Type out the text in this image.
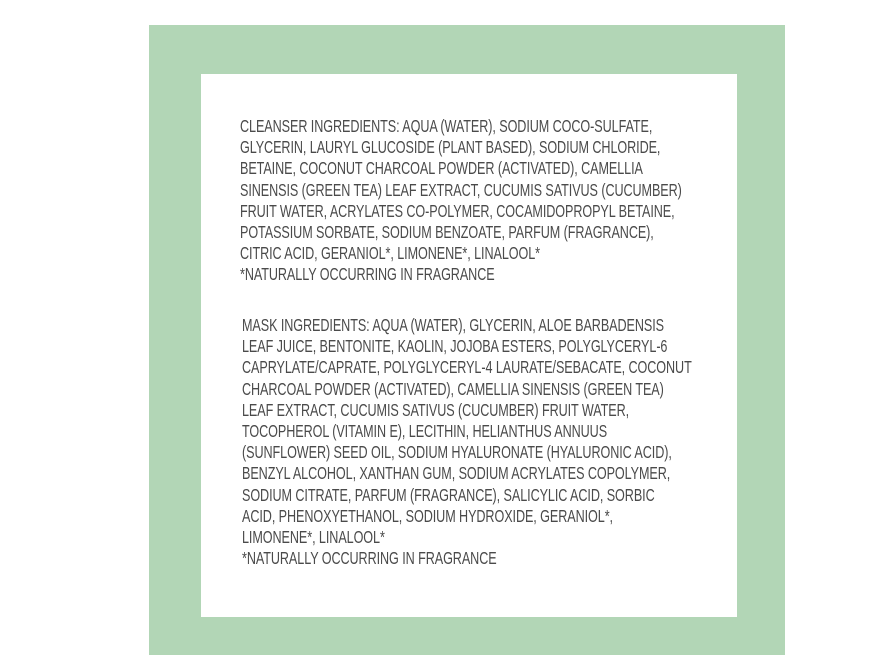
CLEANSER INGREDIENTS: AQUA (WATER), SODIUM COCO-SULFATE,
GLYCERIN, LAURYL GLUCOSIDE (PLANT BASED), SODIUM CHLORIDE,
BETAINE, COCONUT CHARCOAL POWDER (ACTIVATED), CAMELLIA
SINENSIS (GREEN TEA) LEAF EXTRACT, CUCUMIS SATIVUS (CUCUMBER)
FRUIT WATER, ACRYLATES CO-POLYMER, COCAMIDOPROPYL BETAINE,
POTASSIUM SORBATE, SODIUM BENZOATE, PARFUM (FRAGRANCE),
CITRIC ACID, GERANIOL*, LIMONENE*, LINALOOL*
*NATURALLY OCCURRING IN FRAGRANCE
MASK INGREDIENTS: AQUA (WATER), GLYCERIN, ALOE BARBADENSIS
LEAF JUICE, BENTONITE, KAOLIN, JOJOBA ESTERS, POLYGLYCERYL-6
CAPRYLATE/CAPRATE, POLYGLYCERYL-4 LAURATE/SEBACATE, COCONUT
CHARCOAL POWDER (ACTIVATED), CAMELLIA SINENSIS (GREEN TEA)
LEAF EXTRACT, CUCUMIS SATIVUS (CUCUMBER) FRUIT WATER,
TOCOPHEROL (VITAMIN E), LECITHIN, HELIANTHUS ANNUUS
(SUNFLOWER) SEED OIL, SODIUM HYALURONATE (HYALURONIC ACID),
BENZYL ALCOHOL, XANTHAN GUM, SODIUM ACRYLATES COPOLYMER,
SODIUM CITRATE, PARFUM (FRAGRANCE), SALICYLIC ACID, SORBIC
ACID, PHENOXYETHANOL, SODIUM HYDROXIDE, GERANIOL*,
LIMONENE*, LINALOOL*
*NATURALLY OCCURRING IN FRAGRANCE
